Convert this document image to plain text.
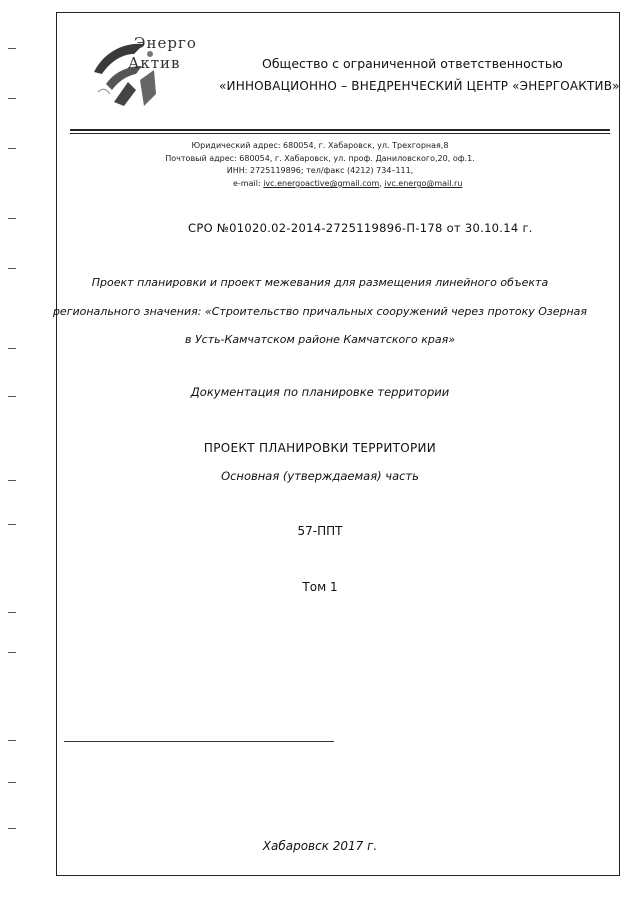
Энерго
Актив	Общество с ограниченной ответственностью
«ИННОВАЦИОННО – ВНЕДРЕНЧЕСКИЙ ЦЕНТР «ЭНЕРГОАКТИВ»
Юридический адрес: 680054, г. Хабаровск, ул. Трехгорная,8
Почтовый адрес: 680054, г. Хабаровск, ул. проф. Даниловского,20, оф.1.
ИНН: 2725119896; тел/факс (4212) 734–111,
e-mail: ivc.energoactive@gmail.com, ivc.energo@mail.ru
СРО №01020.02-2014-2725119896-П-178 от 30.10.14 г.
Проект планировки и проект межевания для размещения линейного объекта
регионального значения: «Строительство причальных сооружений через протоку Озерная
в Усть-Камчатском районе Камчатского края»
Документация по планировке территории
ПРОЕКТ ПЛАНИРОВКИ ТЕРРИТОРИИ
Основная (утверждаемая) часть
57-ППТ
Том 1
Хабаровск 2017 г.
